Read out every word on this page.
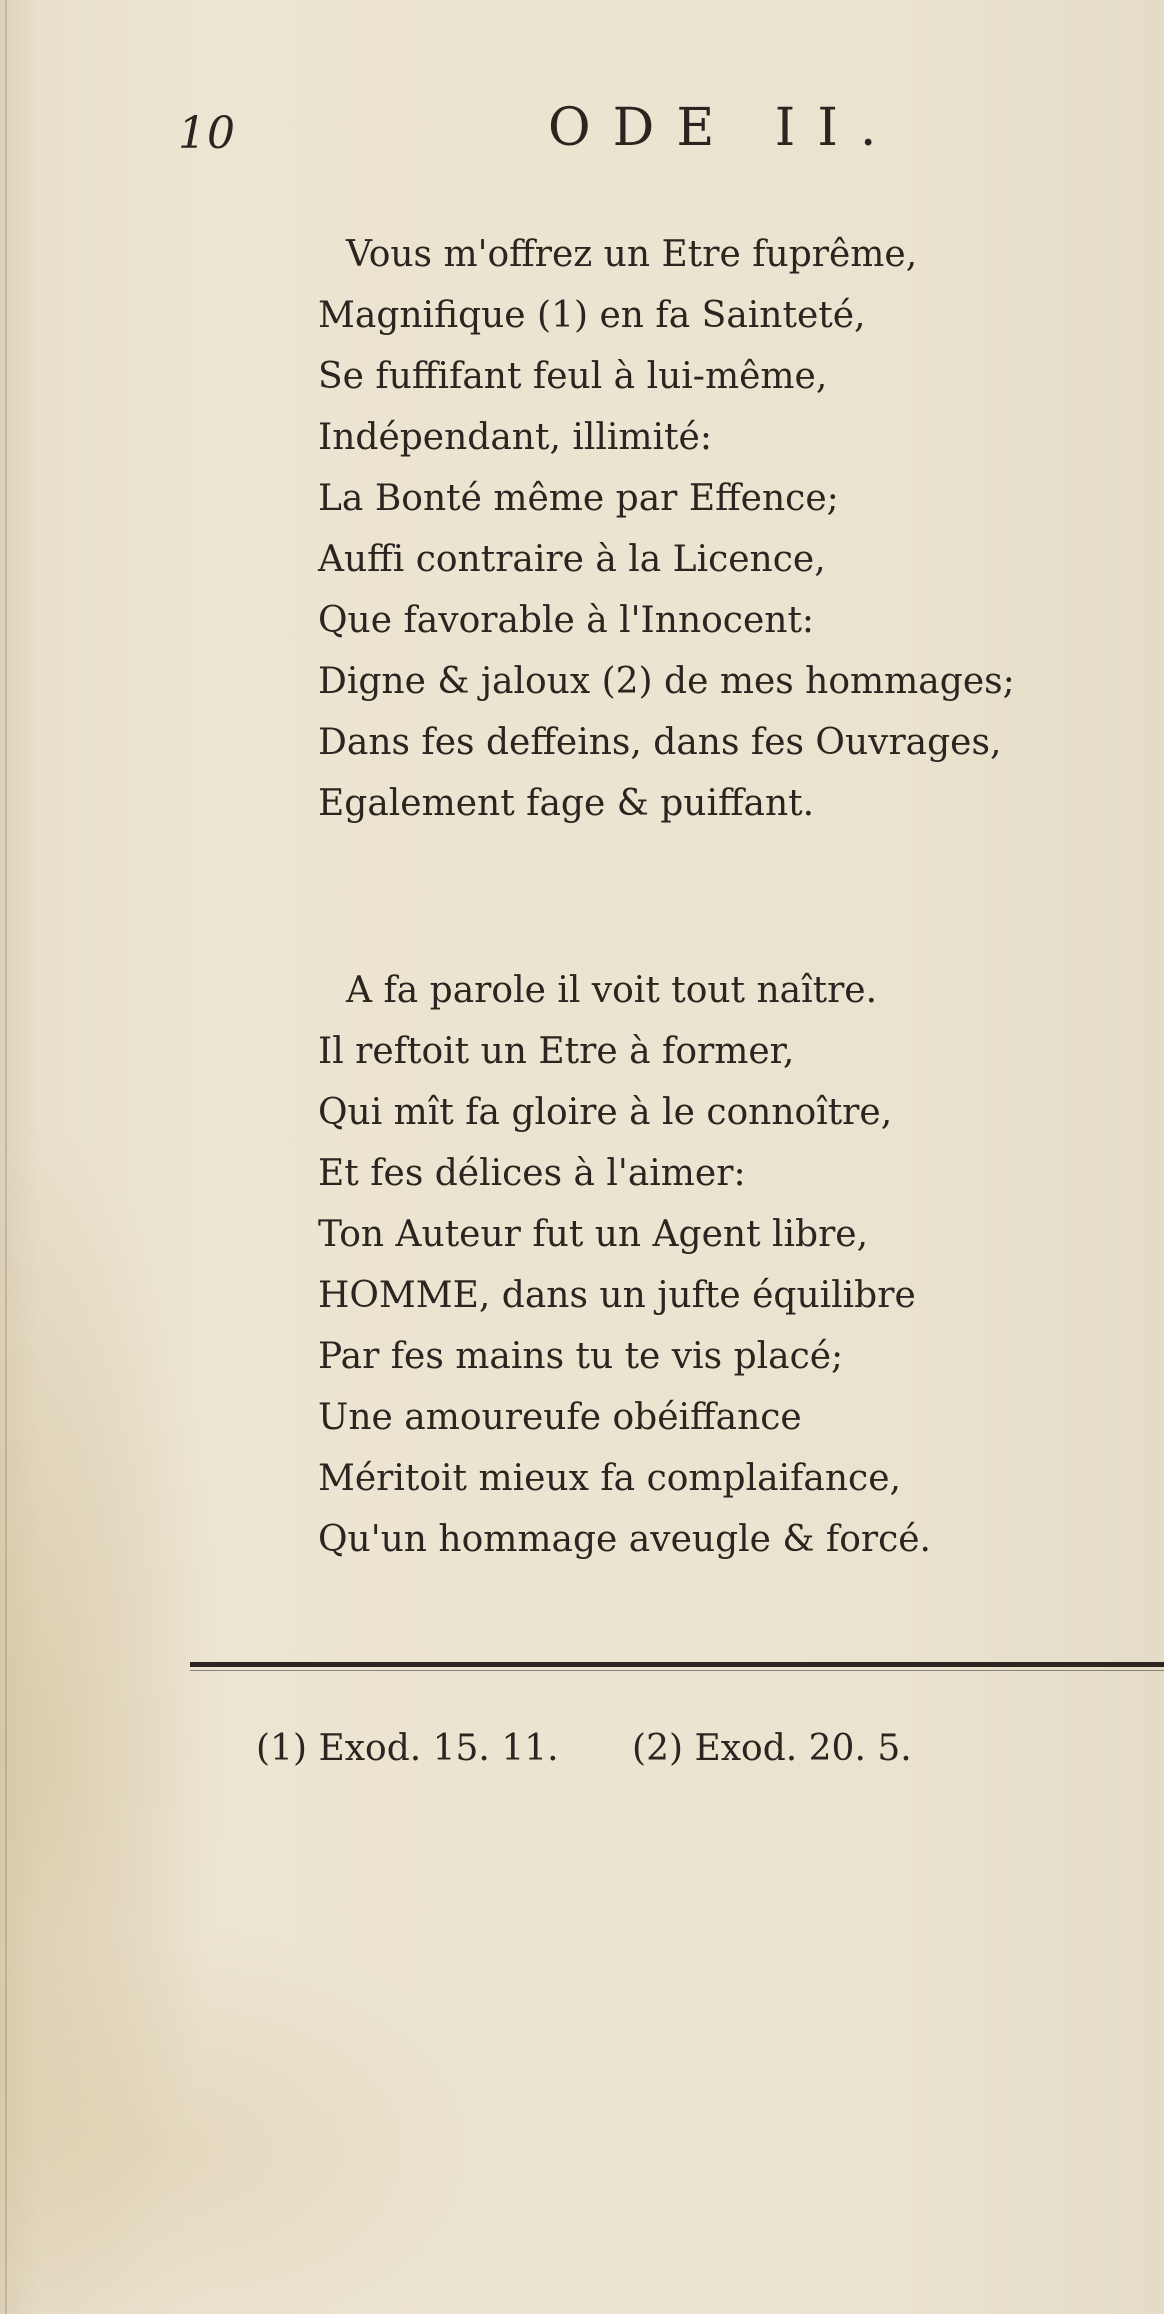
10	ODE II.
Vous m'offrez un Etre fuprême,
Magnifique (1) en fa Sainteté,
Se fuffifant feul à lui-même,
Indépendant, illimité:
La Bonté même par Effence;
Auffi contraire à la Licence,
Que favorable à l'Innocent:
Digne & jaloux (2) de mes hommages;
Dans fes deffeins, dans fes Ouvrages,
Egalement fage & puiffant.
A fa parole il voit tout naître.
Il reftoit un Etre à former,
Qui mît fa gloire à le connoître,
Et fes délices à l'aimer:
Ton Auteur fut un Agent libre,
HOMME, dans un jufte équilibre
Par fes mains tu te vis placé;
Une amoureufe obéiffance
Méritoit mieux fa complaifance,
Qu'un hommage aveugle & forcé.
(1) Exod. 15. 11. (2) Exod. 20. 5.
